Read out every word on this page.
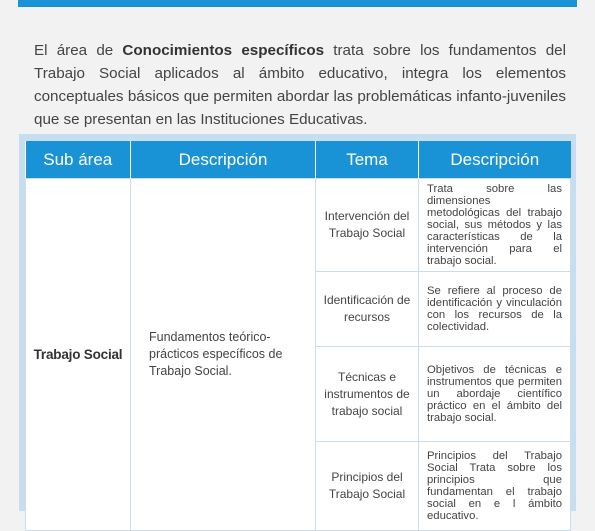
El área de Conocimientos específicos trata sobre los fundamentos del Trabajo Social aplicados al ámbito educativo, integra los elementos conceptuales básicos que permiten abordar las problemáticas infanto-juveniles que se presentan en las Instituciones Educativas.

Sub área	Descripción	Tema	Descripción
Trabajo Social	Fundamentos teórico-prácticos específicos de Trabajo Social.	Intervención del Trabajo Social	Trata sobre las dimensiones metodológicas del trabajo social, sus métodos y las características de la intervención para el trabajo social.
		Identificación de recursos	Se refiere al proceso de identificación y vinculación con los recursos de la colectividad.
		Técnicas e instrumentos de trabajo social	Objetivos de técnicas e instrumentos que permiten un abordaje científico práctico en el ámbito del trabajo social.
		Principios del Trabajo Social	Principios del Trabajo Social Trata sobre los principios que fundamentan el trabajo social en e l ámbito educativo.
